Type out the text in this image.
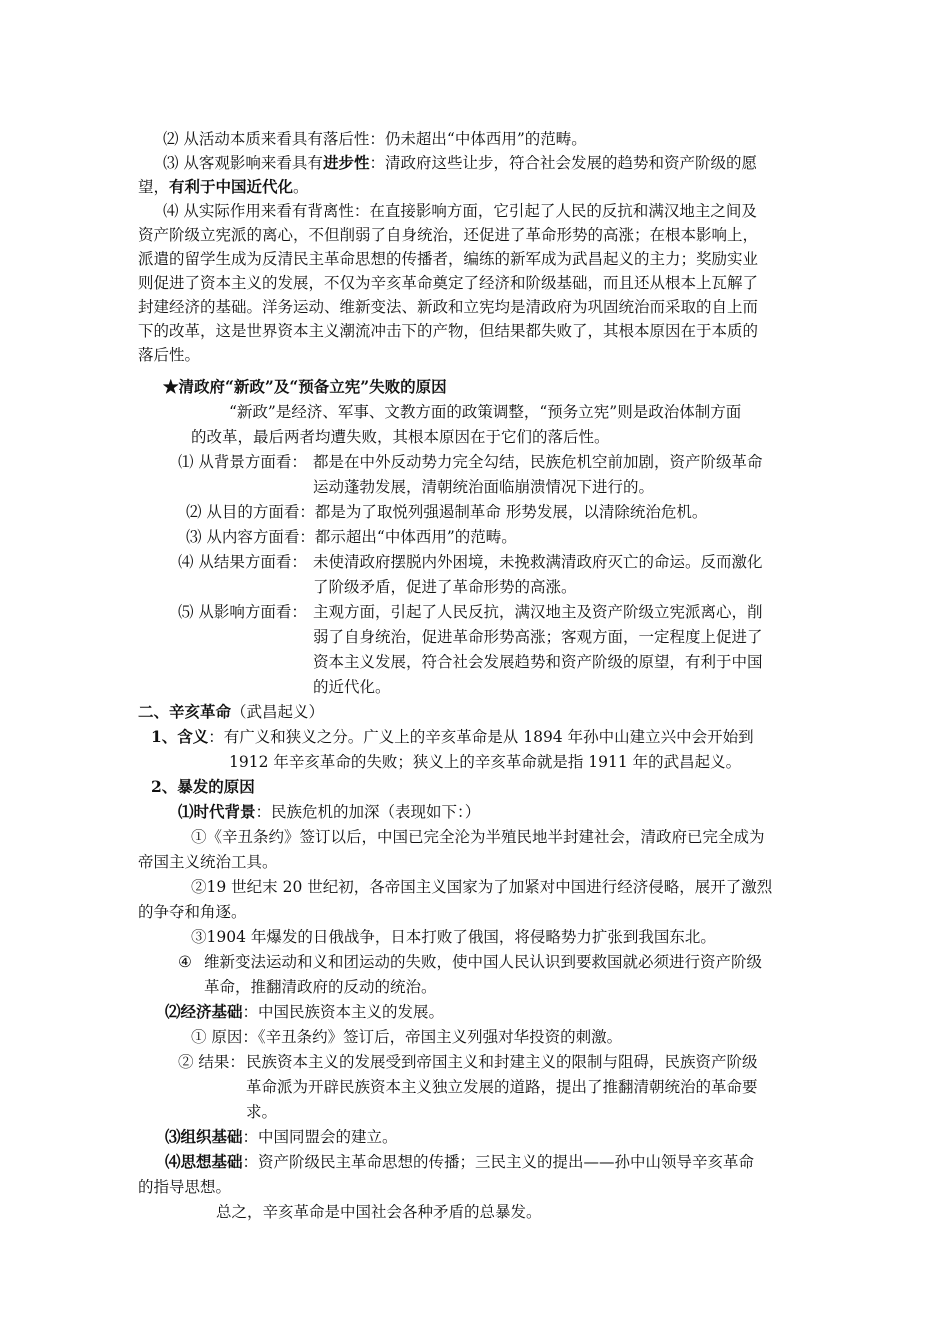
⑵ 从活动本质来看具有落后性：仍未超出“中体西用”的范畴。
⑶ 从客观影响来看具有进步性：清政府这些让步，符合社会发展的趋势和资产阶级的愿
望，有利于中国近代化。
⑷ 从实际作用来看有背离性：在直接影响方面，它引起了人民的反抗和满汉地主之间及
资产阶级立宪派的离心，不但削弱了自身统治，还促进了革命形势的高涨；在根本影响上，
派遣的留学生成为反清民主革命思想的传播者，编练的新军成为武昌起义的主力；奖励实业
则促进了资本主义的发展，不仅为辛亥革命奠定了经济和阶级基础，而且还从根本上瓦解了
封建经济的基础。洋务运动、维新变法、新政和立宪均是清政府为巩固统治而采取的自上而
下的改革，这是世界资本主义潮流冲击下的产物，但结果都失败了，其根本原因在于本质的
落后性。
★清政府“新政”及“预备立宪”失败的原因
“新政”是经济、军事、文教方面的政策调整，“预务立宪”则是政治体制方面
的改革，最后两者均遭失败，其根本原因在于它们的落后性。
⑴ 从背景方面看： 都是在中外反动势力完全勾结，民族危机空前加剧，资产阶级革命
运动蓬勃发展，清朝统治面临崩溃情况下进行的。
⑵ 从目的方面看：都是为了取悦列强遏制革命 形势发展，以清除统治危机。
⑶ 从内容方面看：都示超出“中体西用”的范畴。
⑷ 从结果方面看： 未使清政府摆脱内外困境，未挽救满清政府灭亡的命运。反而激化
了阶级矛盾，促进了革命形势的高涨。
⑸ 从影响方面看： 主观方面，引起了人民反抗，满汉地主及资产阶级立宪派离心，削
弱了自身统治，促进革命形势高涨；客观方面，一定程度上促进了
资本主义发展，符合社会发展趋势和资产阶级的原望，有利于中国
的近代化。
二、辛亥革命（武昌起义）
1、含义：有广义和狭义之分。广义上的辛亥革命是从 1894 年孙中山建立兴中会开始到
1912 年辛亥革命的失败；狭义上的辛亥革命就是指 1911 年的武昌起义。
2、暴发的原因
⑴时代背景：民族危机的加深（表现如下：）
①《辛丑条约》签订以后，中国已完全沦为半殖民地半封建社会，清政府已完全成为
帝国主义统治工具。
②19 世纪末 20 世纪初，各帝国主义国家为了加紧对中国进行经济侵略，展开了激烈
的争夺和角逐。
③1904 年爆发的日俄战争，日本打败了俄国，将侵略势力扩张到我国东北。
④ 维新变法运动和义和团运动的失败，使中国人民认识到要救国就必须进行资产阶级
革命，推翻清政府的反动的统治。
⑵经济基础：中国民族资本主义的发展。
① 原因：《辛丑条约》签订后，帝国主义列强对华投资的刺激。
② 结果： 民族资本主义的发展受到帝国主义和封建主义的限制与阻碍，民族资产阶级
革命派为开辟民族资本主义独立发展的道路，提出了推翻清朝统治的革命要
求。
⑶组织基础：中国同盟会的建立。
⑷思想基础：资产阶级民主革命思想的传播；三民主义的提出——孙中山领导辛亥革命
的指导思想。
总之，辛亥革命是中国社会各种矛盾的总暴发。
